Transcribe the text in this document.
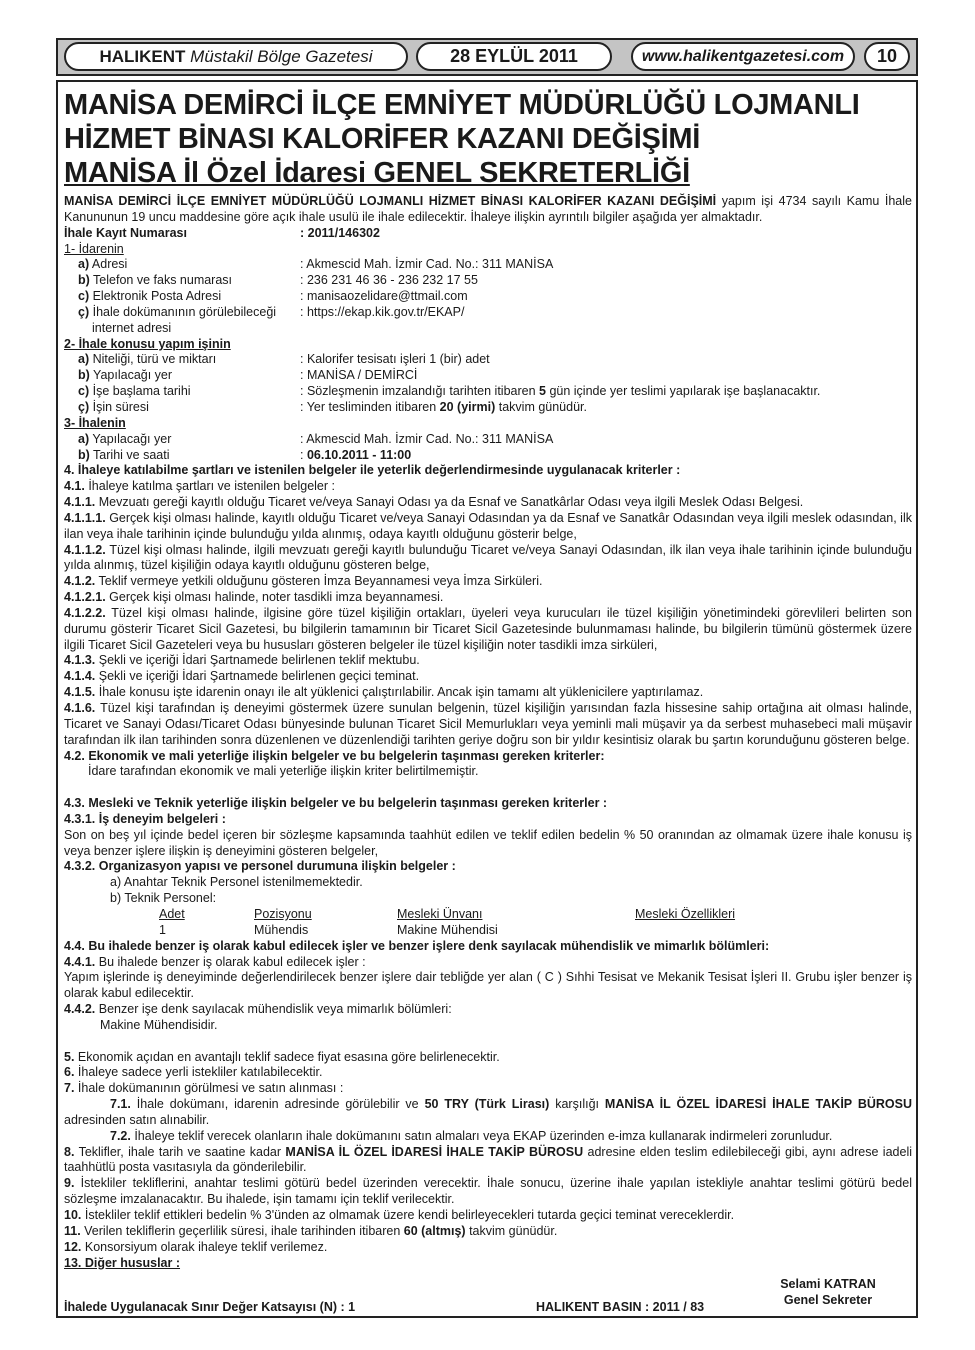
HALIKENT
Müstakil Bölge Gazetesi	28 EYLÜL 2011	www.halikentgazetesi.com	10
MANİSA DEMİRCİ İLÇE EMNİYET MÜDÜRLÜĞÜ LOJMANLI
HİZMET BİNASI KALORİFER KAZANI DEĞİŞİMİ
MANİSA İl Özel İdaresi GENEL SEKRETERLİĞİ

MANİSA DEMİRCİ İLÇE EMNİYET MÜDÜRLÜĞÜ LOJMANLI HİZMET BİNASI KALORİFER KAZANI DEĞİŞİMİ yapım işi 4734 sayılı Kamu İhale Kanununun 19 uncu maddesine göre açık ihale usulü ile ihale edilecektir. İhaleye ilişkin ayrıntılı bilgiler aşağıda yer almaktadır.

İhale Kayıt Numarası	: 2011/146302

1- İdarenin

a) Adresi	: Akmescid Mah. İzmir Cad. No.: 311 MANİSA
b) Telefon ve faks numarası	: 236 231 46 36 - 236 232 17 55
c) Elektronik Posta Adresi	: manisaozelidare@ttmail.com
ç) İhale dokümanının görülebileceği	: https://ekap.kik.gov.tr/EKAP/

internet adresi

2- İhale konusu yapım işinin

a) Niteliği, türü ve miktarı	: Kalorifer tesisatı işleri 1 (bir) adet
b) Yapılacağı yer	: MANİSA / DEMİRCİ
c) İşe başlama tarihi	: Sözleşmenin imzalandığı tarihten itibaren 5 gün içinde yer teslimi yapılarak işe başlanacaktır.
ç) İşin süresi	: Yer tesliminden itibaren 20 (yirmi) takvim günüdür.

3- İhalenin

a) Yapılacağı yer	: Akmescid Mah. İzmir Cad. No.: 311 MANİSA
b) Tarihi ve saati	: 06.10.2011 - 11:00

4. İhaleye katılabilme şartları ve istenilen belgeler ile yeterlik değerlendirmesinde uygulanacak kriterler :

4.1. İhaleye katılma şartları ve istenilen belgeler :

4.1.1. Mevzuatı gereği kayıtlı olduğu Ticaret ve/veya Sanayi Odası ya da Esnaf ve Sanatkârlar Odası veya ilgili Meslek Odası Belgesi.

4.1.1.1. Gerçek kişi olması halinde, kayıtlı olduğu Ticaret ve/veya Sanayi Odasından ya da Esnaf ve Sanatkâr Odasından veya ilgili meslek odasından, ilk ilan veya ihale tarihinin içinde bulunduğu yılda alınmış, odaya kayıtlı olduğunu gösterir belge,

4.1.1.2. Tüzel kişi olması halinde, ilgili mevzuatı gereği kayıtlı bulunduğu Ticaret ve/veya Sanayi Odasından, ilk ilan veya ihale tarihinin içinde bulunduğu yılda alınmış, tüzel kişiliğin odaya kayıtlı olduğunu gösteren belge,

4.1.2. Teklif vermeye yetkili olduğunu gösteren İmza Beyannamesi veya İmza Sirküleri.

4.1.2.1. Gerçek kişi olması halinde, noter tasdikli imza beyannamesi.

4.1.2.2. Tüzel kişi olması halinde, ilgisine göre tüzel kişiliğin ortakları, üyeleri veya kurucuları ile tüzel kişiliğin yönetimindeki görevlileri belirten son durumu gösterir Ticaret Sicil Gazetesi, bu bilgilerin tamamının bir Ticaret Sicil Gazetesinde bulunmaması halinde, bu bilgilerin tümünü göstermek üzere ilgili Ticaret Sicil Gazeteleri veya bu hususları gösteren belgeler ile tüzel kişiliğin noter tasdikli imza sirküleri,

4.1.3. Şekli ve içeriği İdari Şartnamede belirlenen teklif mektubu.

4.1.4. Şekli ve içeriği İdari Şartnamede belirlenen geçici teminat.

4.1.5. İhale konusu işte idarenin onayı ile alt yüklenici çalıştırılabilir. Ancak işin tamamı alt yüklenicilere yaptırılamaz.

4.1.6. Tüzel kişi tarafından iş deneyimi göstermek üzere sunulan belgenin, tüzel kişiliğin yarısından fazla hissesine sahip ortağına ait olması halinde, Ticaret ve Sanayi Odası/Ticaret Odası bünyesinde bulunan Ticaret Sicil Memurlukları veya yeminli mali müşavir ya da serbest muhasebeci mali müşavir tarafından ilk ilan tarihinden sonra düzenlenen ve düzenlendiği tarihten geriye doğru son bir yıldır kesintisiz olarak bu şartın korunduğunu gösteren belge.

4.2. Ekonomik ve mali yeterliğe ilişkin belgeler ve bu belgelerin taşınması gereken kriterler:

İdare tarafından ekonomik ve mali yeterliğe ilişkin kriter belirtilmemiştir.

4.3. Mesleki ve Teknik yeterliğe ilişkin belgeler ve bu belgelerin taşınması gereken kriterler :

4.3.1. İş deneyim belgeleri :

Son on beş yıl içinde bedel içeren bir sözleşme kapsamında taahhüt edilen ve teklif edilen bedelin % 50 oranından az olmamak üzere ihale konusu iş veya benzer işlere ilişkin iş deneyimini gösteren belgeler,

4.3.2. Organizasyon yapısı ve personel durumuna ilişkin belgeler :

a) Anahtar Teknik Personel istenilmemektedir.

b) Teknik Personel:

Adet	Pozisyonu	Mesleki Ünvanı	Mesleki Özellikleri
1	Mühendis	Makine Mühendisi

4.4. Bu ihalede benzer iş olarak kabul edilecek işler ve benzer işlere denk sayılacak mühendislik ve mimarlık bölümleri:

4.4.1. Bu ihalede benzer iş olarak kabul edilecek işler :

Yapım işlerinde iş deneyiminde değerlendirilecek benzer işlere dair tebliğde yer alan ( C ) Sıhhi Tesisat ve Mekanik Tesisat İşleri II. Grubu işler benzer iş olarak kabul edilecektir.

4.4.2. Benzer işe denk sayılacak mühendislik veya mimarlık bölümleri:

Makine Mühendisidir.

5. Ekonomik açıdan en avantajlı teklif sadece fiyat esasına göre belirlenecektir.

6. İhaleye sadece yerli istekliler katılabilecektir.

7. İhale dokümanının görülmesi ve satın alınması :

7.1. İhale dokümanı, idarenin adresinde görülebilir ve 50 TRY (Türk Lirası) karşılığı MANİSA İL ÖZEL İDARESİ İHALE TAKİP BÜROSU adresinden satın alınabilir.

7.2. İhaleye teklif verecek olanların ihale dokümanını satın almaları veya EKAP üzerinden e-imza kullanarak indirmeleri zorunludur.

8. Teklifler, ihale tarih ve saatine kadar MANİSA İL ÖZEL İDARESİ İHALE TAKİP BÜROSU adresine elden teslim edilebileceği gibi, aynı adrese iadeli taahhütlü posta vasıtasıyla da gönderilebilir.

9. İstekliler tekliflerini, anahtar teslimi götürü bedel üzerinden verecektir. İhale sonucu, üzerine ihale yapılan istekliyle anahtar teslimi götürü bedel sözleşme imzalanacaktır. Bu ihalede, işin tamamı için teklif verilecektir.

10. İstekliler teklif ettikleri bedelin % 3'ünden az olmamak üzere kendi belirleyecekleri tutarda geçici teminat vereceklerdir.

11. Verilen tekliflerin geçerlilik süresi, ihale tarihinden itibaren 60 (altmış) takvim günüdür.

12. Konsorsiyum olarak ihaleye teklif verilemez.

13. Diğer hususlar :

Selami KATRAN
Genel Sekreter
İhalede Uygulanacak Sınır Değer Katsayısı (N) : 1	HALIKENT BASIN : 2011 / 83
